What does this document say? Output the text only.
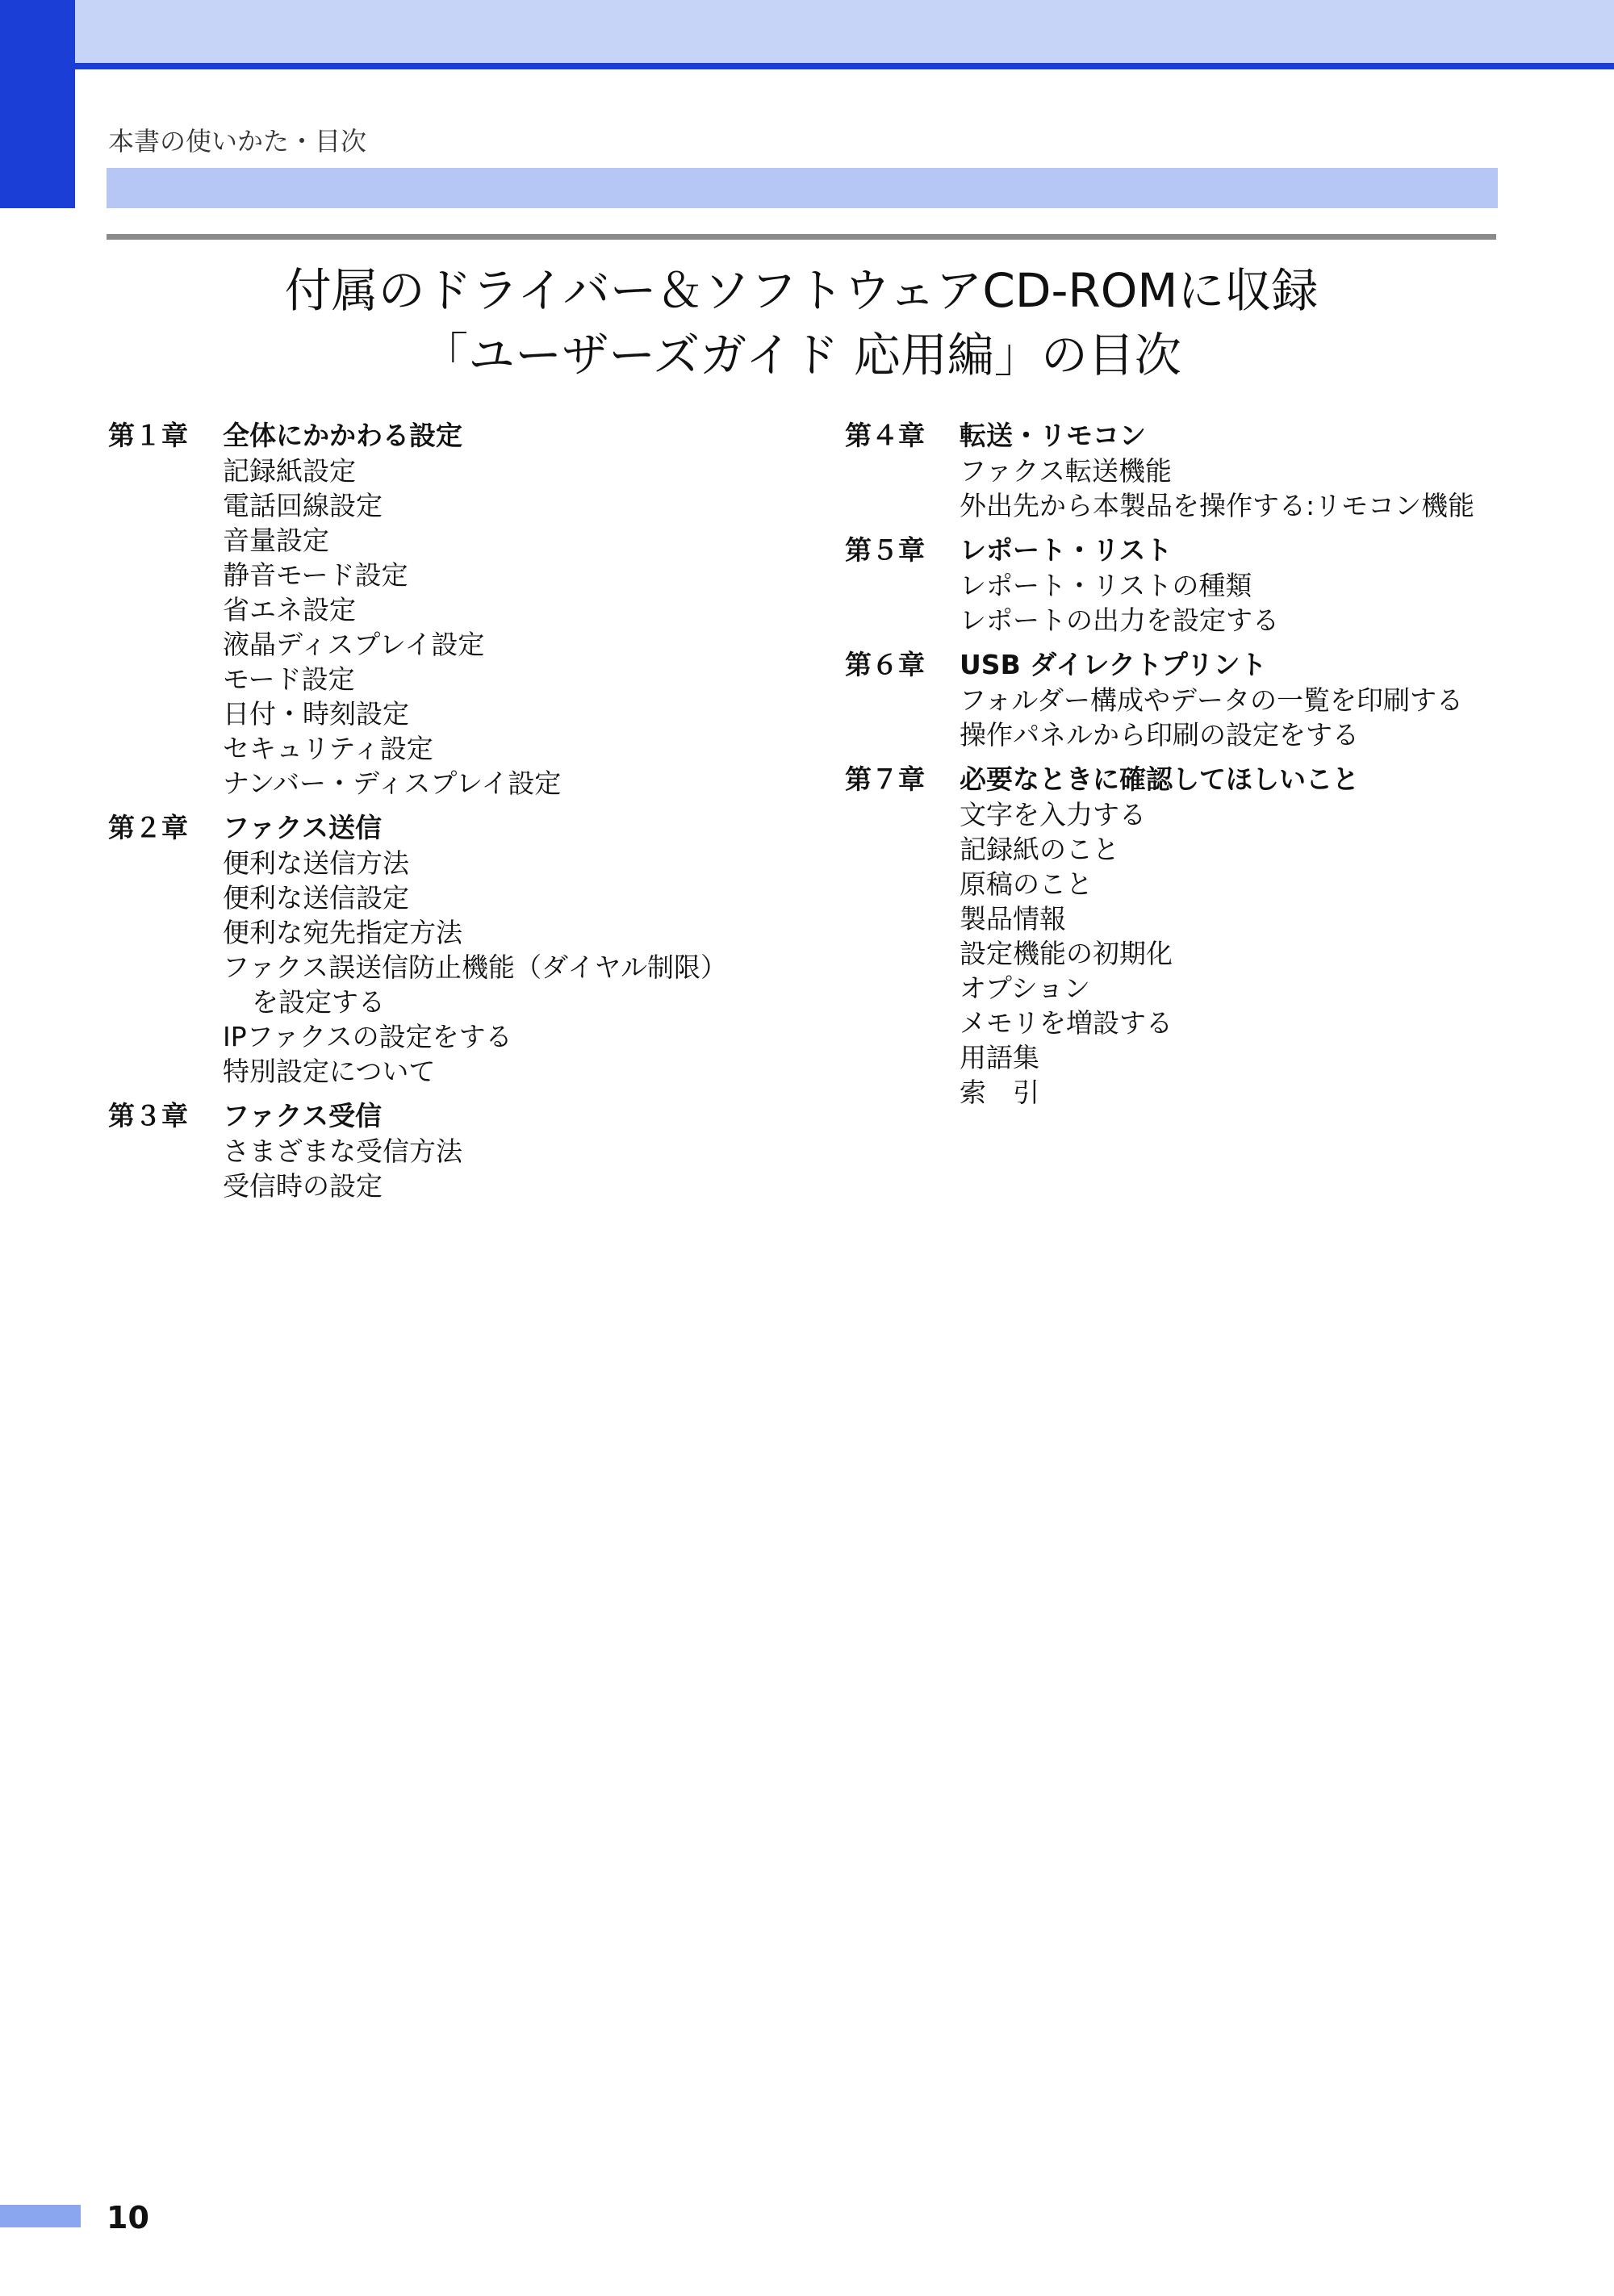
本書の使いかた・目次
付属のドライバー＆ソフトウェアCD-ROMに収録
「ユーザーズガイド 応用編」の目次
第１章	全体にかかわる設定
記録紙設定
電話回線設定
音量設定
静音モード設定
省エネ設定
液晶ディスプレイ設定
モード設定
日付・時刻設定
セキュリティ設定
ナンバー・ディスプレイ設定
第２章	ファクス送信
便利な送信方法
便利な送信設定
便利な宛先指定方法
ファクス誤送信防止機能（ダイヤル制限）
を設定する
IPファクスの設定をする
特別設定について
第３章	ファクス受信
さまざまな受信方法
受信時の設定
第４章	転送・リモコン
ファクス転送機能
外出先から本製品を操作する:リモコン機能
第５章	レポート・リスト
レポート・リストの種類
レポートの出力を設定する
第６章	USB ダイレクトプリント
フォルダー構成やデータの一覧を印刷する
操作パネルから印刷の設定をする
第７章	必要なときに確認してほしいこと
文字を入力する
記録紙のこと
原稿のこと
製品情報
設定機能の初期化
オプション
メモリを増設する
用語集
索　引
10
